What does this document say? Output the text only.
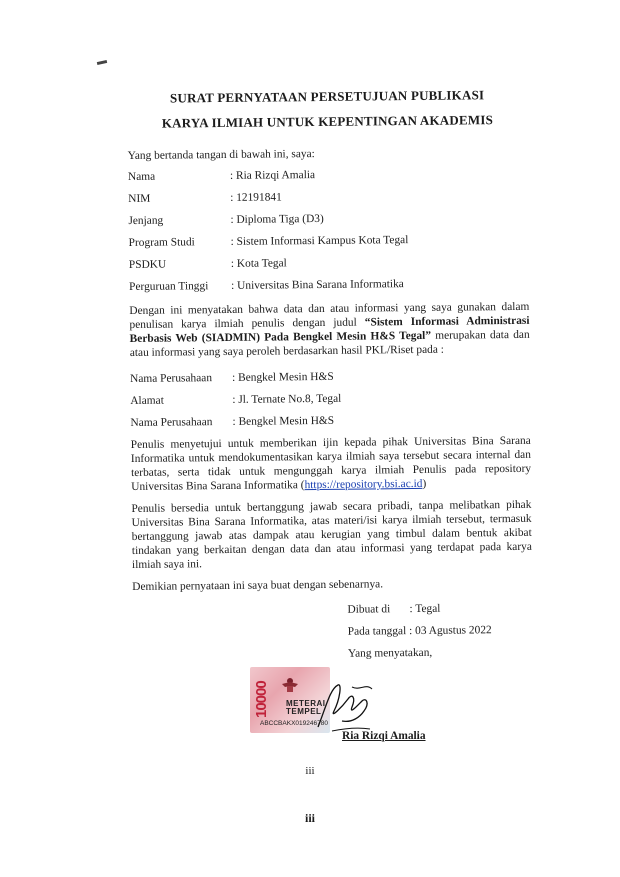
SURAT PERNYATAAN PERSETUJUAN PUBLIKASI
KARYA ILMIAH UNTUK KEPENTINGAN AKADEMIS
Yang bertanda tangan di bawah ini, saya:
Nama	: Ria Rizqi Amalia
NIM	: 12191841
Jenjang	: Diploma Tiga (D3)
Program Studi	: Sistem Informasi Kampus Kota Tegal
PSDKU	: Kota Tegal
Perguruan Tinggi	: Universitas Bina Sarana Informatika

Dengan ini menyatakan bahwa data dan atau informasi yang saya gunakan dalam penulisan karya ilmiah penulis dengan judul “Sistem Informasi Administrasi Berbasis Web (SIADMIN) Pada Bengkel Mesin H&S Tegal” merupakan data dan atau informasi yang saya peroleh berdasarkan hasil PKL/Riset pada :

Nama Perusahaan	: Bengkel Mesin H&S
Alamat	: Jl. Ternate No.8, Tegal
Nama Perusahaan	: Bengkel Mesin H&S

Penulis menyetujui untuk memberikan ijin kepada pihak Universitas Bina Sarana Informatika untuk mendokumentasikan karya ilmiah saya tersebut secara internal dan terbatas, serta tidak untuk mengunggah karya ilmiah Penulis pada repository Universitas Bina Sarana Informatika (https://repository.bsi.ac.id)

Penulis bersedia untuk bertanggung jawab secara pribadi, tanpa melibatkan pihak Universitas Bina Sarana Informatika, atas materi/isi karya ilmiah tersebut, termasuk bertanggung jawab atas dampak atau kerugian yang timbul dalam bentuk akibat tindakan yang berkaitan dengan data dan atau informasi yang terdapat pada karya ilmiah saya ini.

Demikian pernyataan ini saya buat dengan sebenarnya.
Dibuat di	: Tegal
Pada tanggal : 03 Agustus 2022
Yang menyatakan,
10000 METERAI
TEMPEL
ABCCBAKX019246780
Ria Rizqi Amalia
iii
iii
